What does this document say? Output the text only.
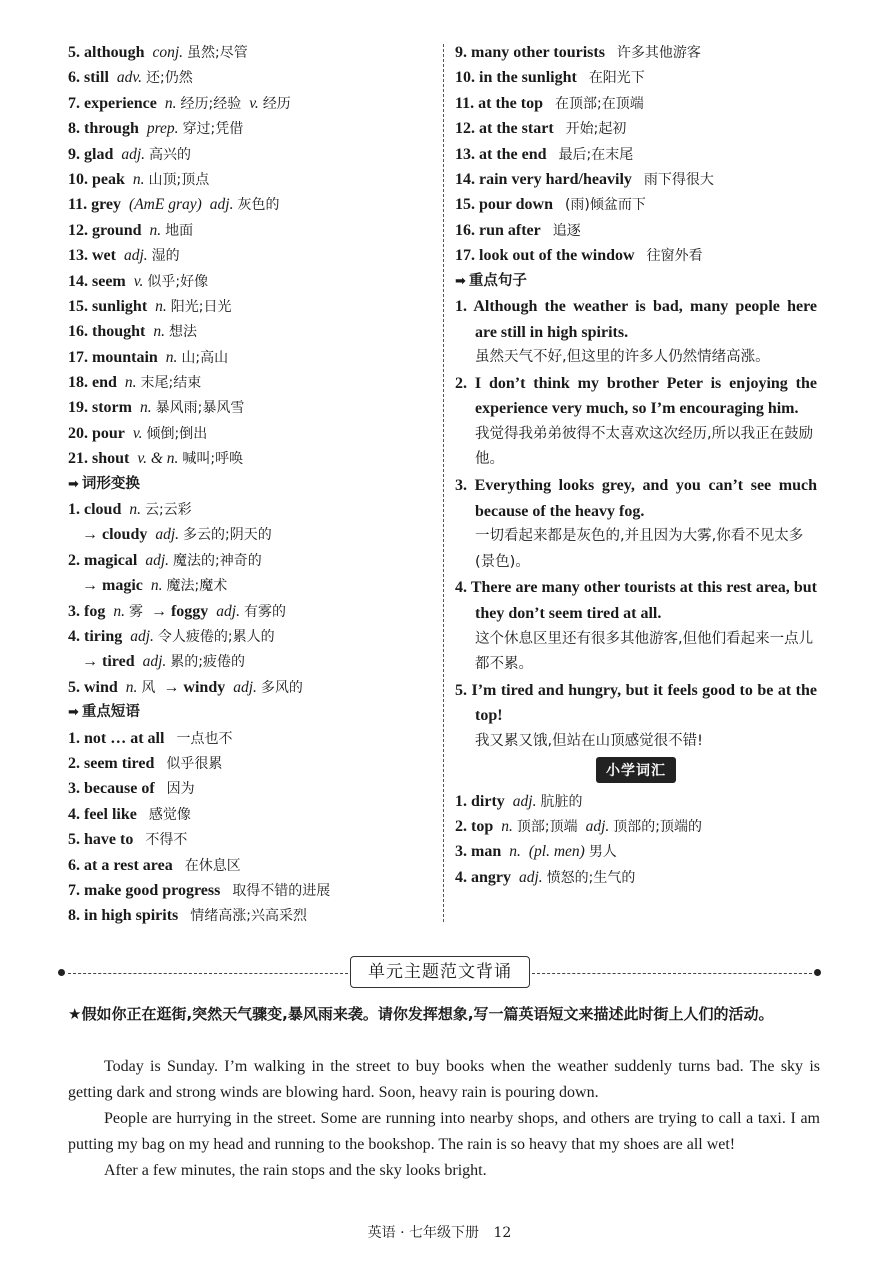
5. although conj. 虽然;尽管
6. still adv. 还;仍然
7. experience n. 经历;经验 v. 经历
8. through prep. 穿过;凭借
9. glad adj. 高兴的
10. peak n. 山顶;顶点
11. grey (AmE gray) adj. 灰色的
12. ground n. 地面
13. wet adj. 湿的
14. seem v. 似乎;好像
15. sunlight n. 阳光;日光
16. thought n. 想法
17. mountain n. 山;高山
18. end n. 末尾;结束
19. storm n. 暴风雨;暴风雪
20. pour v. 倾倒;倒出
21. shout v. & n. 喊叫;呼唤
➡ 词形变换
1. cloud n. 云;云彩
→ cloudy adj. 多云的;阴天的
2. magical adj. 魔法的;神奇的
→ magic n. 魔法;魔术
3. fog n. 雾 → foggy adj. 有雾的
4. tiring adj. 令人疲倦的;累人的
→ tired adj. 累的;疲倦的
5. wind n. 风 → windy adj. 多风的
➡ 重点短语
1. not … at all 一点也不
2. seem tired 似乎很累
3. because of 因为
4. feel like 感觉像
5. have to 不得不
6. at a rest area 在休息区
7. make good progress 取得不错的进展
8. in high spirits 情绪高涨;兴高采烈
9. many other tourists 许多其他游客
10. in the sunlight 在阳光下
11. at the top 在顶部;在顶端
12. at the start 开始;起初
13. at the end 最后;在末尾
14. rain very hard/heavily 雨下得很大
15. pour down (雨)倾盆而下
16. run after 追逐
17. look out of the window 往窗外看
➡ 重点句子
1. Although the weather is bad, many people here are still in high spirits.
虽然天气不好,但这里的许多人仍然情绪高涨。
2. I don’t think my brother Peter is enjoying the experience very much, so I’m encouraging him.
我觉得我弟弟彼得不太喜欢这次经历,所以我正在鼓励他。
3. Everything looks grey, and you can’t see much because of the heavy fog.
一切看起来都是灰色的,并且因为大雾,你看不见太多(景色)。
4. There are many other tourists at this rest area, but they don’t seem tired at all.
这个休息区里还有很多其他游客,但他们看起来一点儿都不累。
5. I’m tired and hungry, but it feels good to be at the top!
我又累又饿,但站在山顶感觉很不错!
小学词汇
1. dirty adj. 肮脏的
2. top n. 顶部;顶端 adj. 顶部的;顶端的
3. man n. (pl. men) 男人
4. angry adj. 愤怒的;生气的
单元主题范文背诵
★假如你正在逛街,突然天气骤变,暴风雨来袭。请你发挥想象,写一篇英语短文来描述此时街上人们的活动。

Today is Sunday. I’m walking in the street to buy books when the weather suddenly turns bad. The sky is getting dark and strong winds are blowing hard. Soon, heavy rain is pouring down.

People are hurrying in the street. Some are running into nearby shops, and others are trying to call a taxi. I am putting my bag on my head and running to the bookshop. The rain is so heavy that my shoes are all wet!

After a few minutes, the rain stops and the sky looks bright.

英语 · 七年级下册 12
